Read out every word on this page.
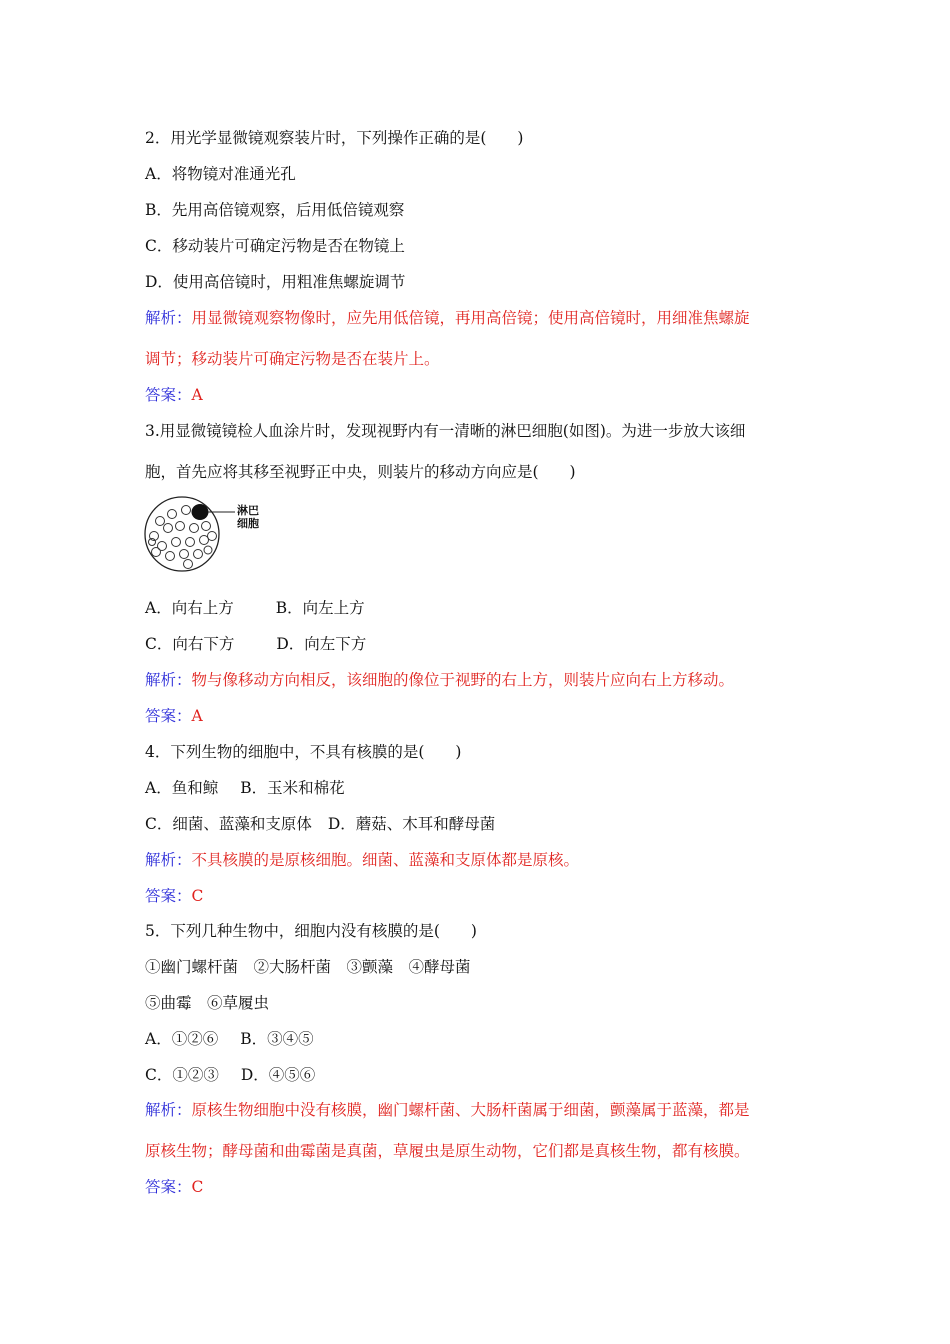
2．用光学显微镜观察装片时，下列操作正确的是(　　)
A．将物镜对准通光孔
B．先用高倍镜观察，后用低倍镜观察
C．移动装片可确定污物是否在物镜上
D．使用高倍镜时，用粗准焦螺旋调节
解析：用显微镜观察物像时，应先用低倍镜，再用高倍镜；使用高倍镜时，用细准焦螺旋
调节；移动装片可确定污物是否在装片上。
答案：A
3.用显微镜镜检人血涂片时，发现视野内有一清晰的淋巴细胞(如图)。为进一步放大该细
胞，首先应将其移至视野正中央，则装片的移动方向应是(　　)
淋巴
细胞
A．向右上方	B．向左上方
C．向右下方	D．向左下方
解析：物与像移动方向相反，该细胞的像位于视野的右上方，则装片应向右上方移动。
答案：A
4．下列生物的细胞中，不具有核膜的是(　　)
A．鱼和鲸 B．玉米和棉花
C．细菌、蓝藻和支原体 D．蘑菇、木耳和酵母菌
解析：不具核膜的是原核细胞。细菌、蓝藻和支原体都是原核。
答案：C
5．下列几种生物中，细胞内没有核膜的是(　　)
①幽门螺杆菌　②大肠杆菌　③颤藻　④酵母菌
⑤曲霉　⑥草履虫
A．①②⑥ B．③④⑤
C．①②③ D．④⑤⑥
解析：原核生物细胞中没有核膜，幽门螺杆菌、大肠杆菌属于细菌，颤藻属于蓝藻，都是
原核生物；酵母菌和曲霉菌是真菌，草履虫是原生动物，它们都是真核生物，都有核膜。
答案：C
